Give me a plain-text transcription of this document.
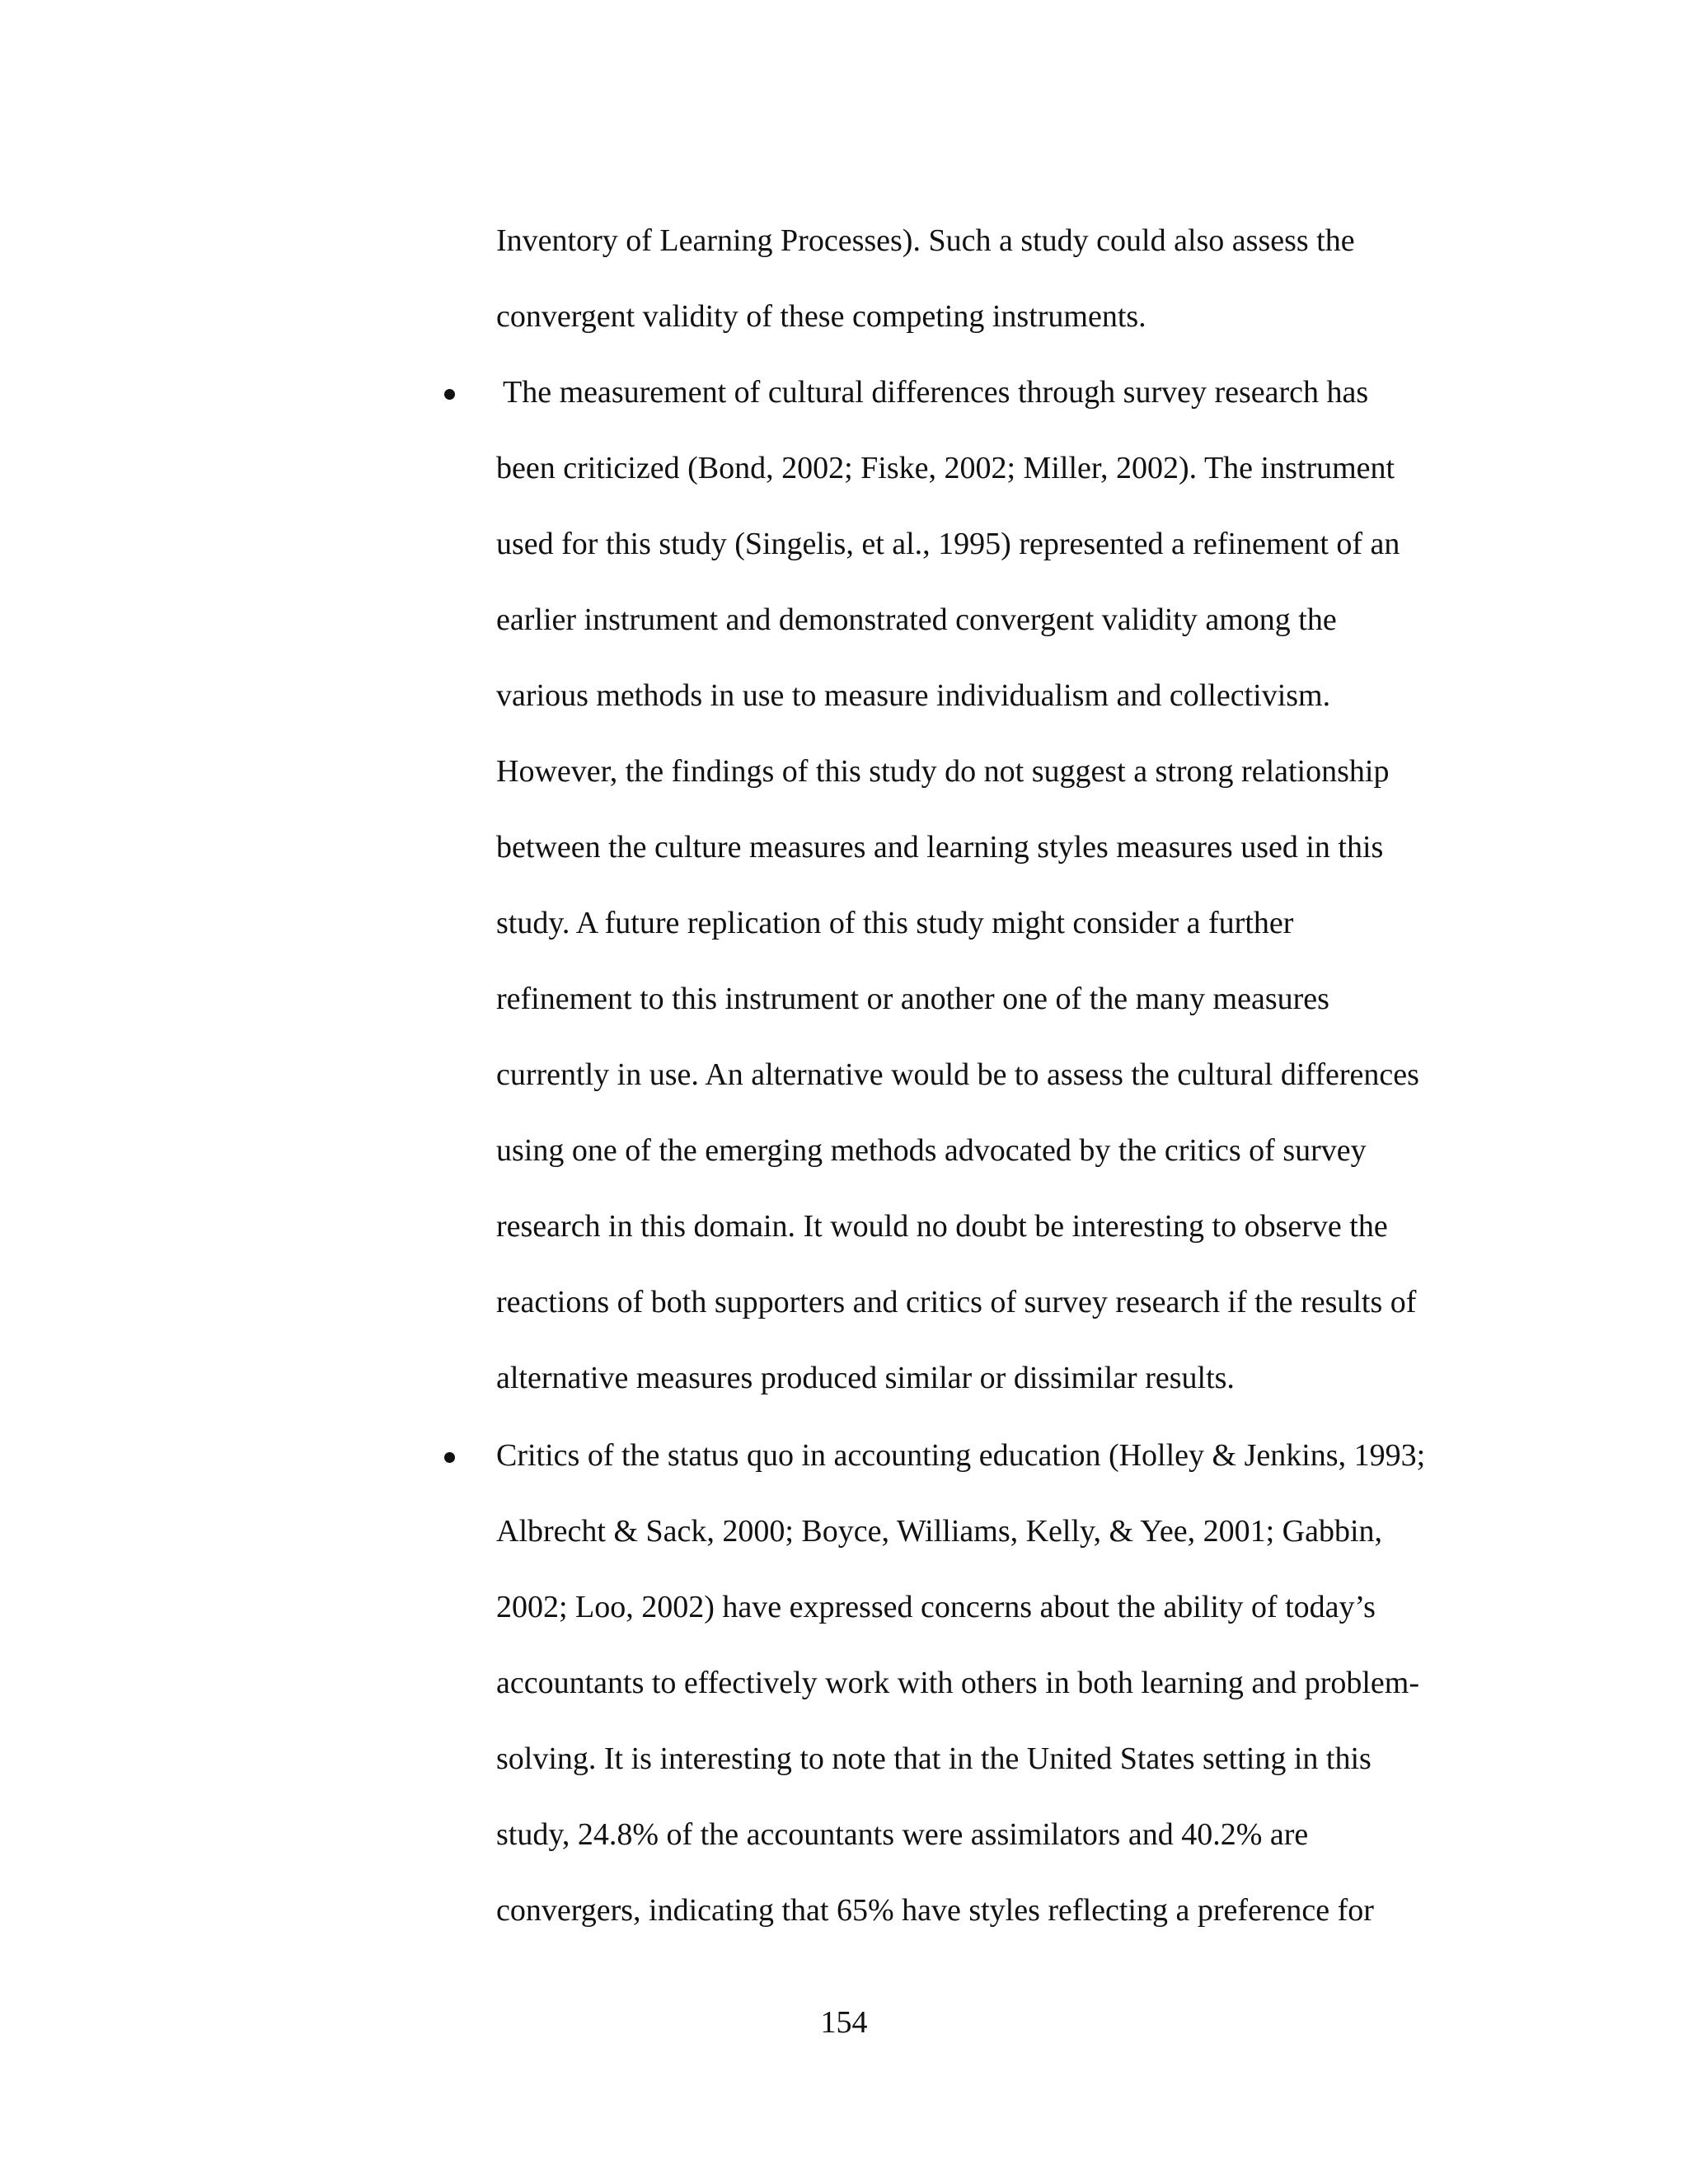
Inventory of Learning Processes). Such a study could also assess the
convergent validity of these competing instruments.
The measurement of cultural differences through survey research has
been criticized (Bond, 2002; Fiske, 2002; Miller, 2002). The instrument
used for this study (Singelis, et al., 1995) represented a refinement of an
earlier instrument and demonstrated convergent validity among the
various methods in use to measure individualism and collectivism.
However, the findings of this study do not suggest a strong relationship
between the culture measures and learning styles measures used in this
study. A future replication of this study might consider a further
refinement to this instrument or another one of the many measures
currently in use. An alternative would be to assess the cultural differences
using one of the emerging methods advocated by the critics of survey
research in this domain. It would no doubt be interesting to observe the
reactions of both supporters and critics of survey research if the results of
alternative measures produced similar or dissimilar results.
Critics of the status quo in accounting education (Holley & Jenkins, 1993;
Albrecht & Sack, 2000; Boyce, Williams, Kelly, & Yee, 2001; Gabbin,
2002; Loo, 2002) have expressed concerns about the ability of today’s
accountants to effectively work with others in both learning and problem-
solving. It is interesting to note that in the United States setting in this
study, 24.8% of the accountants were assimilators and 40.2% are
convergers, indicating that 65% have styles reflecting a preference for
154
